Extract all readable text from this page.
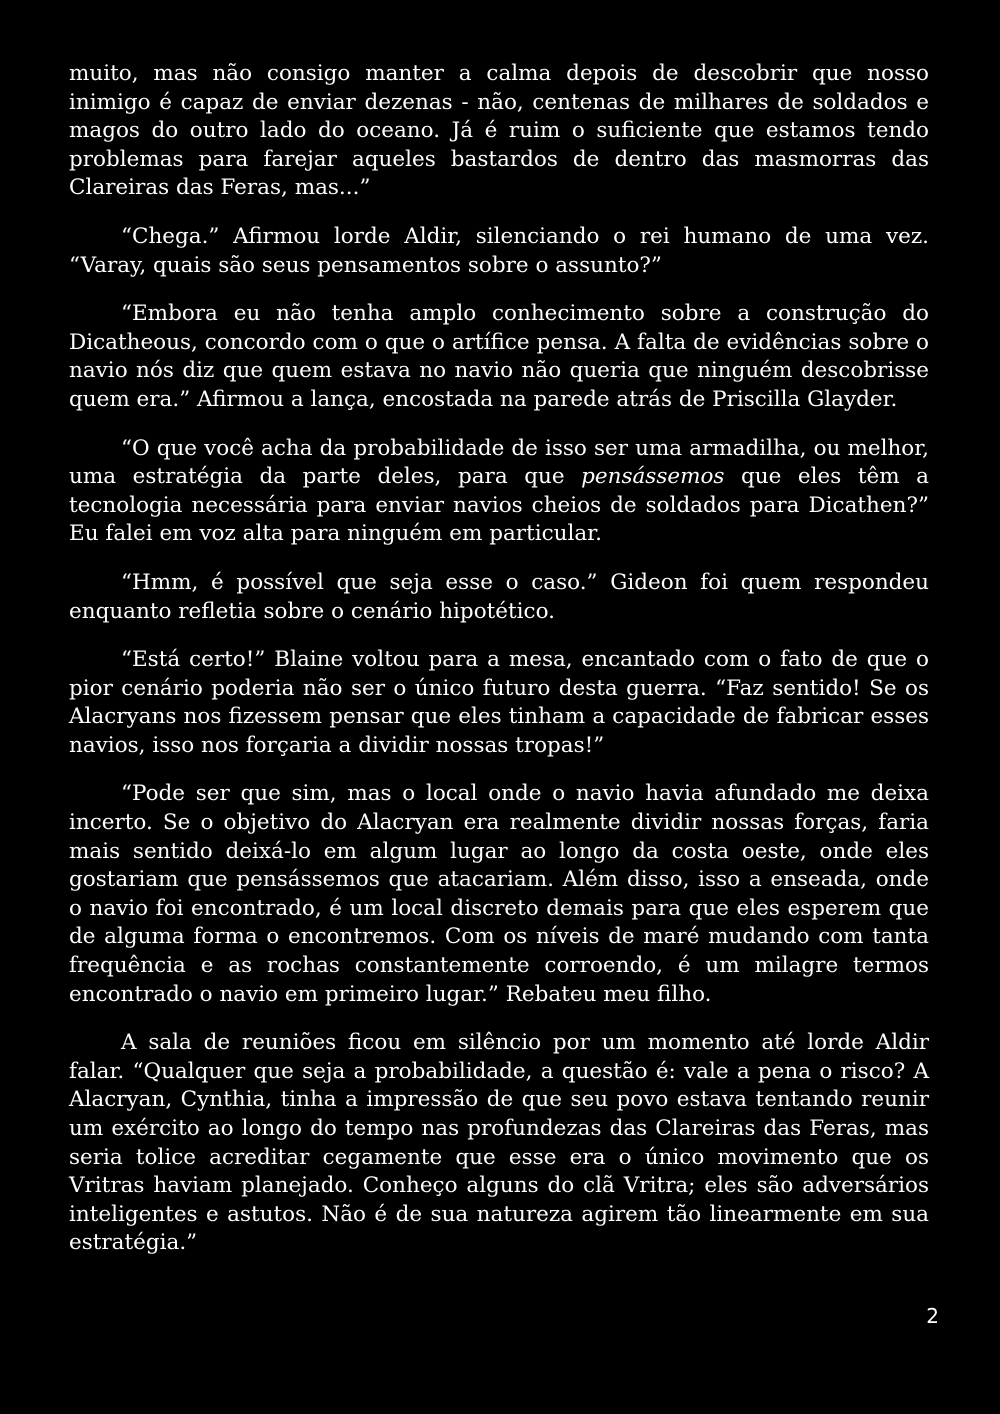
muito, mas não consigo manter a calma depois de descobrir que nosso inimigo é capaz de enviar dezenas - não, centenas de milhares de soldados e magos do outro lado do oceano. Já é ruim o suficiente que estamos tendo problemas para farejar aqueles bastardos de dentro das masmorras das Clareiras das Feras, mas...”

“Chega.” Afirmou lorde Aldir, silenciando o rei humano de uma vez. “Varay, quais são seus pensamentos sobre o assunto?”

“Embora eu não tenha amplo conhecimento sobre a construção do Dicatheous, concordo com o que o artífice pensa. A falta de evidências sobre o navio nós diz que quem estava no navio não queria que ninguém descobrisse quem era.” Afirmou a lança, encostada na parede atrás de Priscilla Glayder.

“O que você acha da probabilidade de isso ser uma armadilha, ou melhor, uma estratégia da parte deles, para que pensássemos que eles têm a tecnologia necessária para enviar navios cheios de soldados para Dicathen?” Eu falei em voz alta para ninguém em particular.

“Hmm, é possível que seja esse o caso.” Gideon foi quem respondeu enquanto refletia sobre o cenário hipotético.

“Está certo!” Blaine voltou para a mesa, encantado com o fato de que o pior cenário poderia não ser o único futuro desta guerra. “Faz sentido! Se os Alacryans nos fizessem pensar que eles tinham a capacidade de fabricar esses navios, isso nos forçaria a dividir nossas tropas!”

“Pode ser que sim, mas o local onde o navio havia afundado me deixa incerto. Se o objetivo do Alacryan era realmente dividir nossas forças, faria mais sentido deixá-lo em algum lugar ao longo da costa oeste, onde eles gostariam que pensássemos que atacariam. Além disso, isso a enseada, onde o navio foi encontrado, é um local discreto demais para que eles esperem que de alguma forma o encontremos. Com os níveis de maré mudando com tanta frequência e as rochas constantemente corroendo, é um milagre termos encontrado o navio em primeiro lugar.” Rebateu meu filho.

A sala de reuniões ficou em silêncio por um momento até lorde Aldir falar. “Qualquer que seja a probabilidade, a questão é: vale a pena o risco? A Alacryan, Cynthia, tinha a impressão de que seu povo estava tentando reunir um exército ao longo do tempo nas profundezas das Clareiras das Feras, mas seria tolice acreditar cegamente que esse era o único movimento que os Vritras haviam planejado. Conheço alguns do clã Vritra; eles são adversários inteligentes e astutos. Não é de sua natureza agirem tão linearmente em sua estratégia.”

2
